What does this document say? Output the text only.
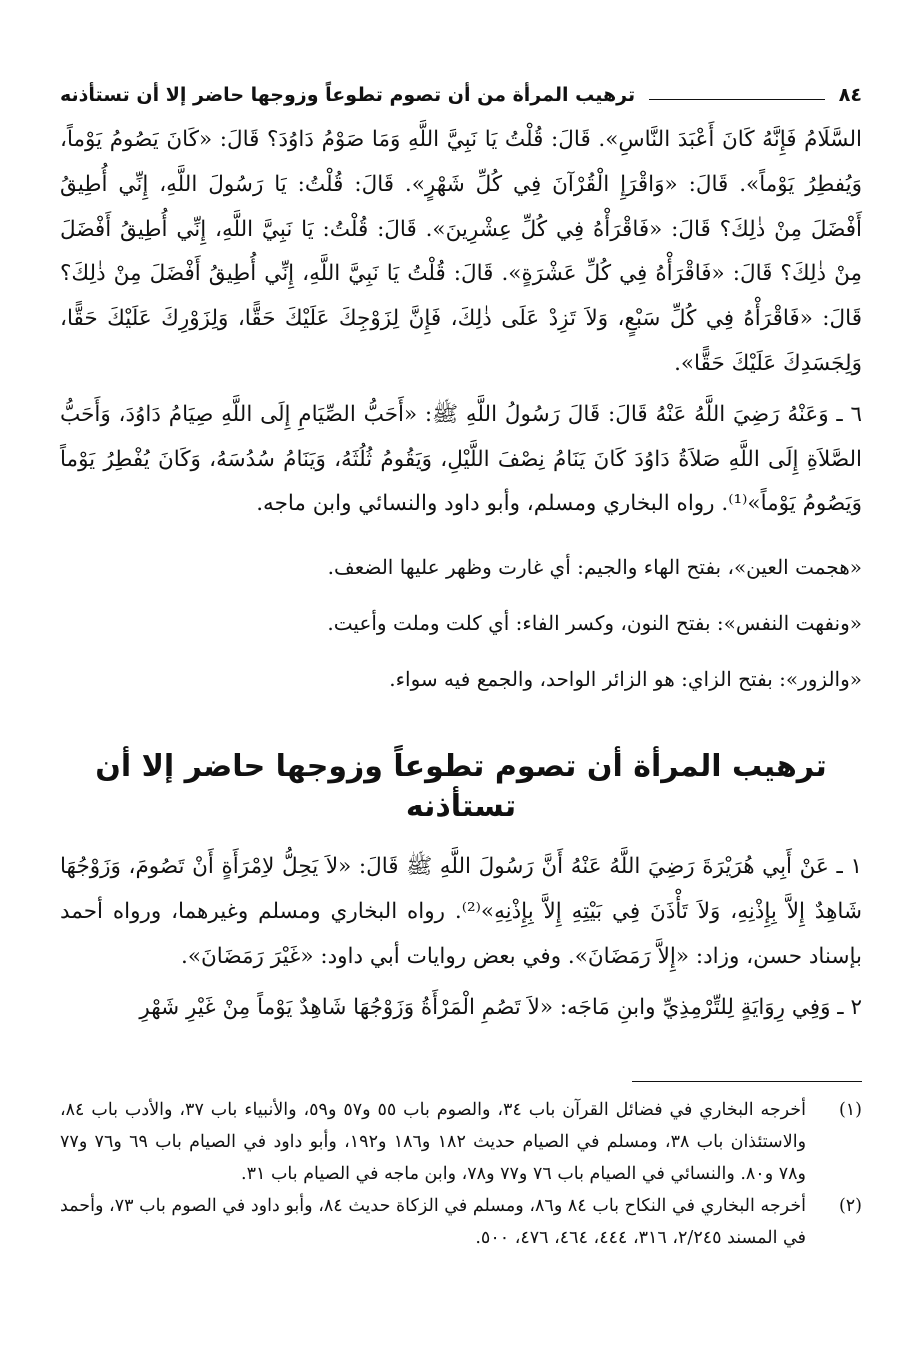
٨٤
ترهيب المرأة من أن تصوم تطوعاً وزوجها حاضر إلا أن تستأذنه

السَّلَامُ فَإِنَّهُ كَانَ أَعْبَدَ النَّاسِ». قَالَ: قُلْتُ يَا نَبِيَّ اللَّهِ وَمَا صَوْمُ دَاوُدَ؟ قَالَ: «كَانَ يَصُومُ يَوْماً، وَيُفطِرُ يَوْماً». قَالَ: «وَاقْرَإِ الْقُرْآنَ فِي كُلِّ شَهْرٍ». قَالَ: قُلْتُ: يَا رَسُولَ اللَّهِ، إِنِّي أُطِيقُ أَفْضَلَ مِنْ ذٰلِكَ؟ قَالَ: «فَاقْرَأْهُ فِي كُلِّ عِشْرِينَ». قَالَ: قُلْتُ: يَا نَبِيَّ اللَّهِ، إِنِّي أُطِيقُ أَفْضَلَ مِنْ ذٰلِكَ؟ قَالَ: «فَاقْرَأْهُ فِي كُلِّ عَشْرَةٍ». قَالَ: قُلْتُ يَا نَبِيَّ اللَّهِ، إِنِّي أُطِيقُ أَفْضَلَ مِنْ ذٰلِكَ؟ قَالَ: «فَاقْرَأْهُ فِي كُلِّ سَبْعٍ، وَلاَ تَزِدْ عَلَى ذٰلِكَ، فَإِنَّ لِزَوْجِكَ عَلَيْكَ حَقًّا، وَلِزَوْرِكَ عَلَيْكَ حَقًّا، وَلِجَسَدِكَ عَلَيْكَ حَقًّا».

٦ ـ وَعَنْهُ رَضِيَ اللَّهُ عَنْهُ قَالَ: قَالَ رَسُولُ اللَّهِ ﷺ: «أَحَبُّ الصِّيَامِ إِلَى اللَّهِ صِيَامُ دَاوُدَ، وَأَحَبُّ الصَّلاَةِ إِلَى اللَّهِ صَلاَةُ دَاوُدَ كَانَ يَنَامُ نِصْفَ اللَّيْلِ، وَيَقُومُ ثُلُثَهُ، وَيَنَامُ سُدُسَهُ، وَكَانَ يُفْطِرُ يَوْماً وَيَصُومُ يَوْماً»⁽¹⁾. رواه البخاري ومسلم، وأبو داود والنسائي وابن ماجه.

«هجمت العين»، بفتح الهاء والجيم: أي غارت وظهر عليها الضعف.

«ونفهت النفس»: بفتح النون، وكسر الفاء: أي كلت وملت وأعيت.

«والزور»: بفتح الزاي: هو الزائر الواحد، والجمع فيه سواء.

ترهيب المرأة أن تصوم تطوعاً وزوجها حاضر إلا أن تستأذنه

١ ـ عَنْ أَبِي هُرَيْرَةَ رَضِيَ اللَّهُ عَنْهُ أَنَّ رَسُولَ اللَّهِ ﷺ قَالَ: «لاَ يَحِلُّ لاِمْرَأَةٍ أَنْ تَصُومَ، وَزَوْجُهَا شَاهِدٌ إِلاَّ بِإِذْنِهِ، وَلاَ تَأْذَنَ فِي بَيْتِهِ إِلاَّ بِإِذْنِهِ»⁽²⁾. رواه البخاري ومسلم وغيرهما، ورواه أحمد بإسناد حسن، وزاد: «إِلاَّ رَمَضَانَ». وفي بعض روايات أبي داود: «غَيْرَ رَمَضَانَ».

٢ ـ وَفِي رِوَايَةٍ لِلتِّرْمِذِيِّ وابنِ مَاجَه: «لاَ تَصُمِ الْمَرْأَةُ وَزَوْجُهَا شَاهِدٌ يَوْماً مِنْ غَيْرِ شَهْرِ

(١)
أخرجه البخاري في فضائل القرآن باب ٣٤، والصوم باب ٥٥ و٥٧ و٥٩، والأنبياء باب ٣٧، والأدب باب ٨٤، والاستئذان باب ٣٨، ومسلم في الصيام حديث ١٨٢ و١٨٦ و١٩٢، وأبو داود في الصيام باب ٦٩ و٧٦ و٧٧ و٧٨ و٨٠. والنسائي في الصيام باب ٧٦ و٧٧ و٧٨، وابن ماجه في الصيام باب ٣١.
(٢)
أخرجه البخاري في النكاح باب ٨٤ و٨٦، ومسلم في الزكاة حديث ٨٤، وأبو داود في الصوم باب ٧٣، وأحمد في المسند ٢/٢٤٥، ٣١٦، ٤٤٤، ٤٦٤، ٤٧٦، ٥٠٠.
